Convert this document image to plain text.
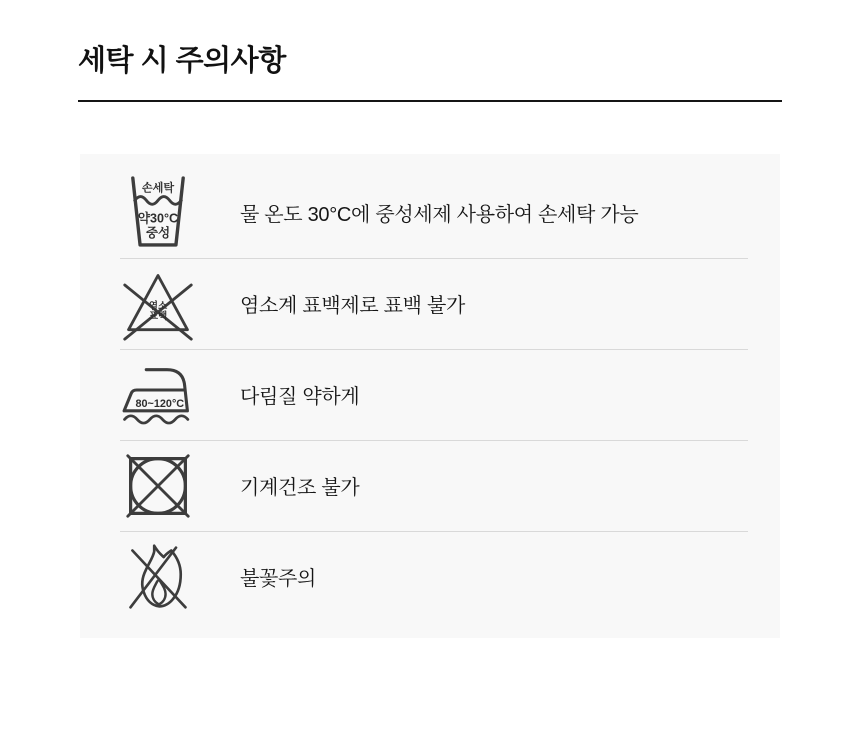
세탁 시 주의사항
손세탁
약30°C
중성
물 온도 30°C에 중성세제 사용하여 손세탁 가능
염소
표백	염소계 표백제로 표백 불가
80~120°C	다림질 약하게
기계건조 불가
불꽃주의
